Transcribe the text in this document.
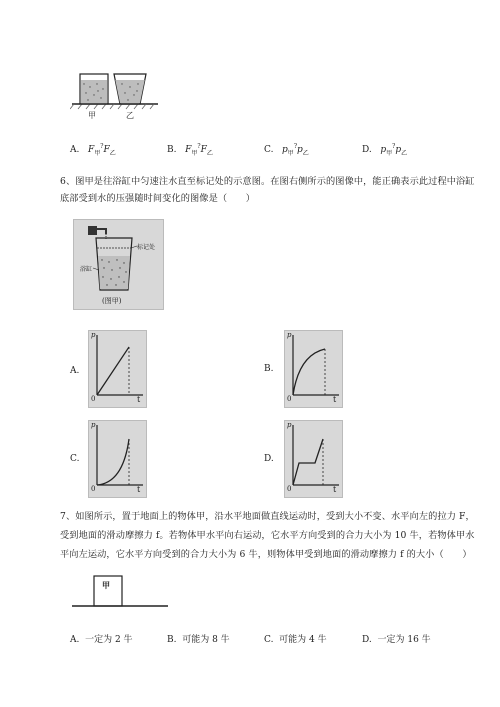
甲	乙
A. $F_甲^?F_乙$	B. $F_甲^?F_乙$	C. $p_甲^?p_乙$	D. $p_甲^?p_乙$
6、图甲是往浴缸中匀速注水直至标记处的示意图。在图右侧所示的图像中，能正确表示此过程中浴缸
底部受到水的压强随时间变化的图像是（　　）
标记处
浴缸
(图甲)
A.
p
t
0
B.
p
t
0
C.
p
t
0
D.
p
t
0
7、如图所示，置于地面上的物体甲，沿水平地面做直线运动时，受到大小不变、水平向左的拉力 F，
受到地面的滑动摩擦力 f。若物体甲水平向右运动，它水平方向受到的合力大小为 10 牛，若物体甲水
平向左运动，它水平方向受到的合力大小为 6 牛，则物体甲受到地面的滑动摩擦力 f 的大小（　　）
甲
A. 一定为 2 牛	B. 可能为 8 牛	C. 可能为 4 牛	D. 一定为 16 牛
